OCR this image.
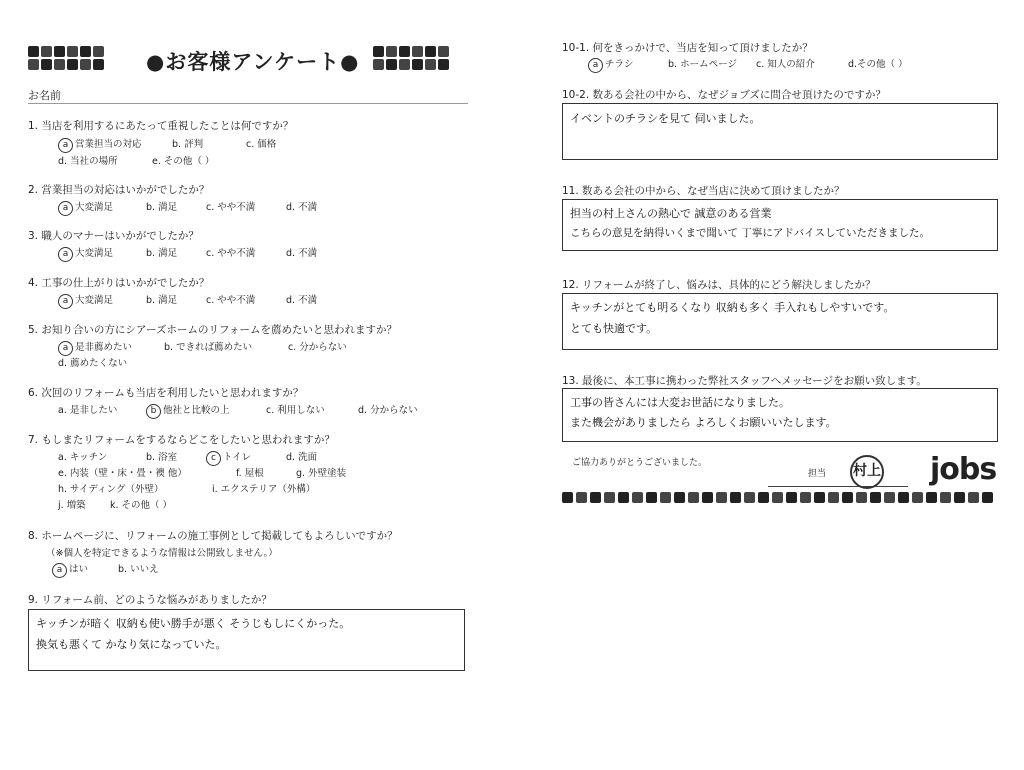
●お客様アンケート●
お名前
1. 当店を利用するにあたって重視したことは何ですか？
a 営業担当の対応	b. 評判	c. 価格
d. 当社の場所	e. その他（ ）
2. 営業担当の対応はいかがでしたか？
a 大変満足	b. 満足	c. やや不満	d. 不満
3. 職人のマナーはいかがでしたか？
a 大変満足	b. 満足	c. やや不満	d. 不満
4. 工事の仕上がりはいかがでしたか？
a 大変満足	b. 満足	c. やや不満	d. 不満
5. お知り合いの方にシアーズホームのリフォームを薦めたいと思われますか？
a 是非薦めたい	b. できれば薦めたい	c. 分からない
d. 薦めたくない
6. 次回のリフォームも当店を利用したいと思われますか？
a. 是非したい	b 他社と比較の上	c. 利用しない	d. 分からない
7. もしまたリフォームをするならどこをしたいと思われますか？
a. キッチン	b. 浴室	c トイレ	d. 洗面
e. 内装（壁・床・畳・襖 他）	f. 屋根	g. 外壁塗装
h. サイディング（外壁）	i. エクステリア（外構）
j. 増築	k. その他（ ）
8. ホームページに、リフォームの施工事例として掲載してもよろしいですか？
（※個人を特定できるような情報は公開致しません。）
a はい	b. いいえ
9. リフォーム前、どのような悩みがありましたか？
キッチンが暗く 収納も使い勝手が悪く そうじもしにくかった。
換気も悪くて かなり気になっていた。
10-1. 何をきっかけで、当店を知って頂けましたか？
a チラシ	b. ホームページ c. 知人の紹介	d.その他（ ）
10-2. 数ある会社の中から、なぜジョブズに問合せ頂けたのですか？
イベントのチラシを見て 伺いました。
11. 数ある会社の中から、なぜ当店に決めて頂けましたか？
担当の村上さんの熱心で 誠意のある営業
こちらの意見を納得いくまで聞いて 丁寧にアドバイスしていただきました。
12. リフォームが終了し、悩みは、具体的にどう解決しましたか？
キッチンがとても明るくなり 収納も多く 手入れもしやすいです。
とても快適です。
13. 最後に、本工事に携わった弊社スタッフへメッセージをお願い致します。
工事の皆さんには大変お世話になりました。
また機会がありましたら よろしくお願いいたします。
ご協力ありがとうございました。
担当 村上 jobs
